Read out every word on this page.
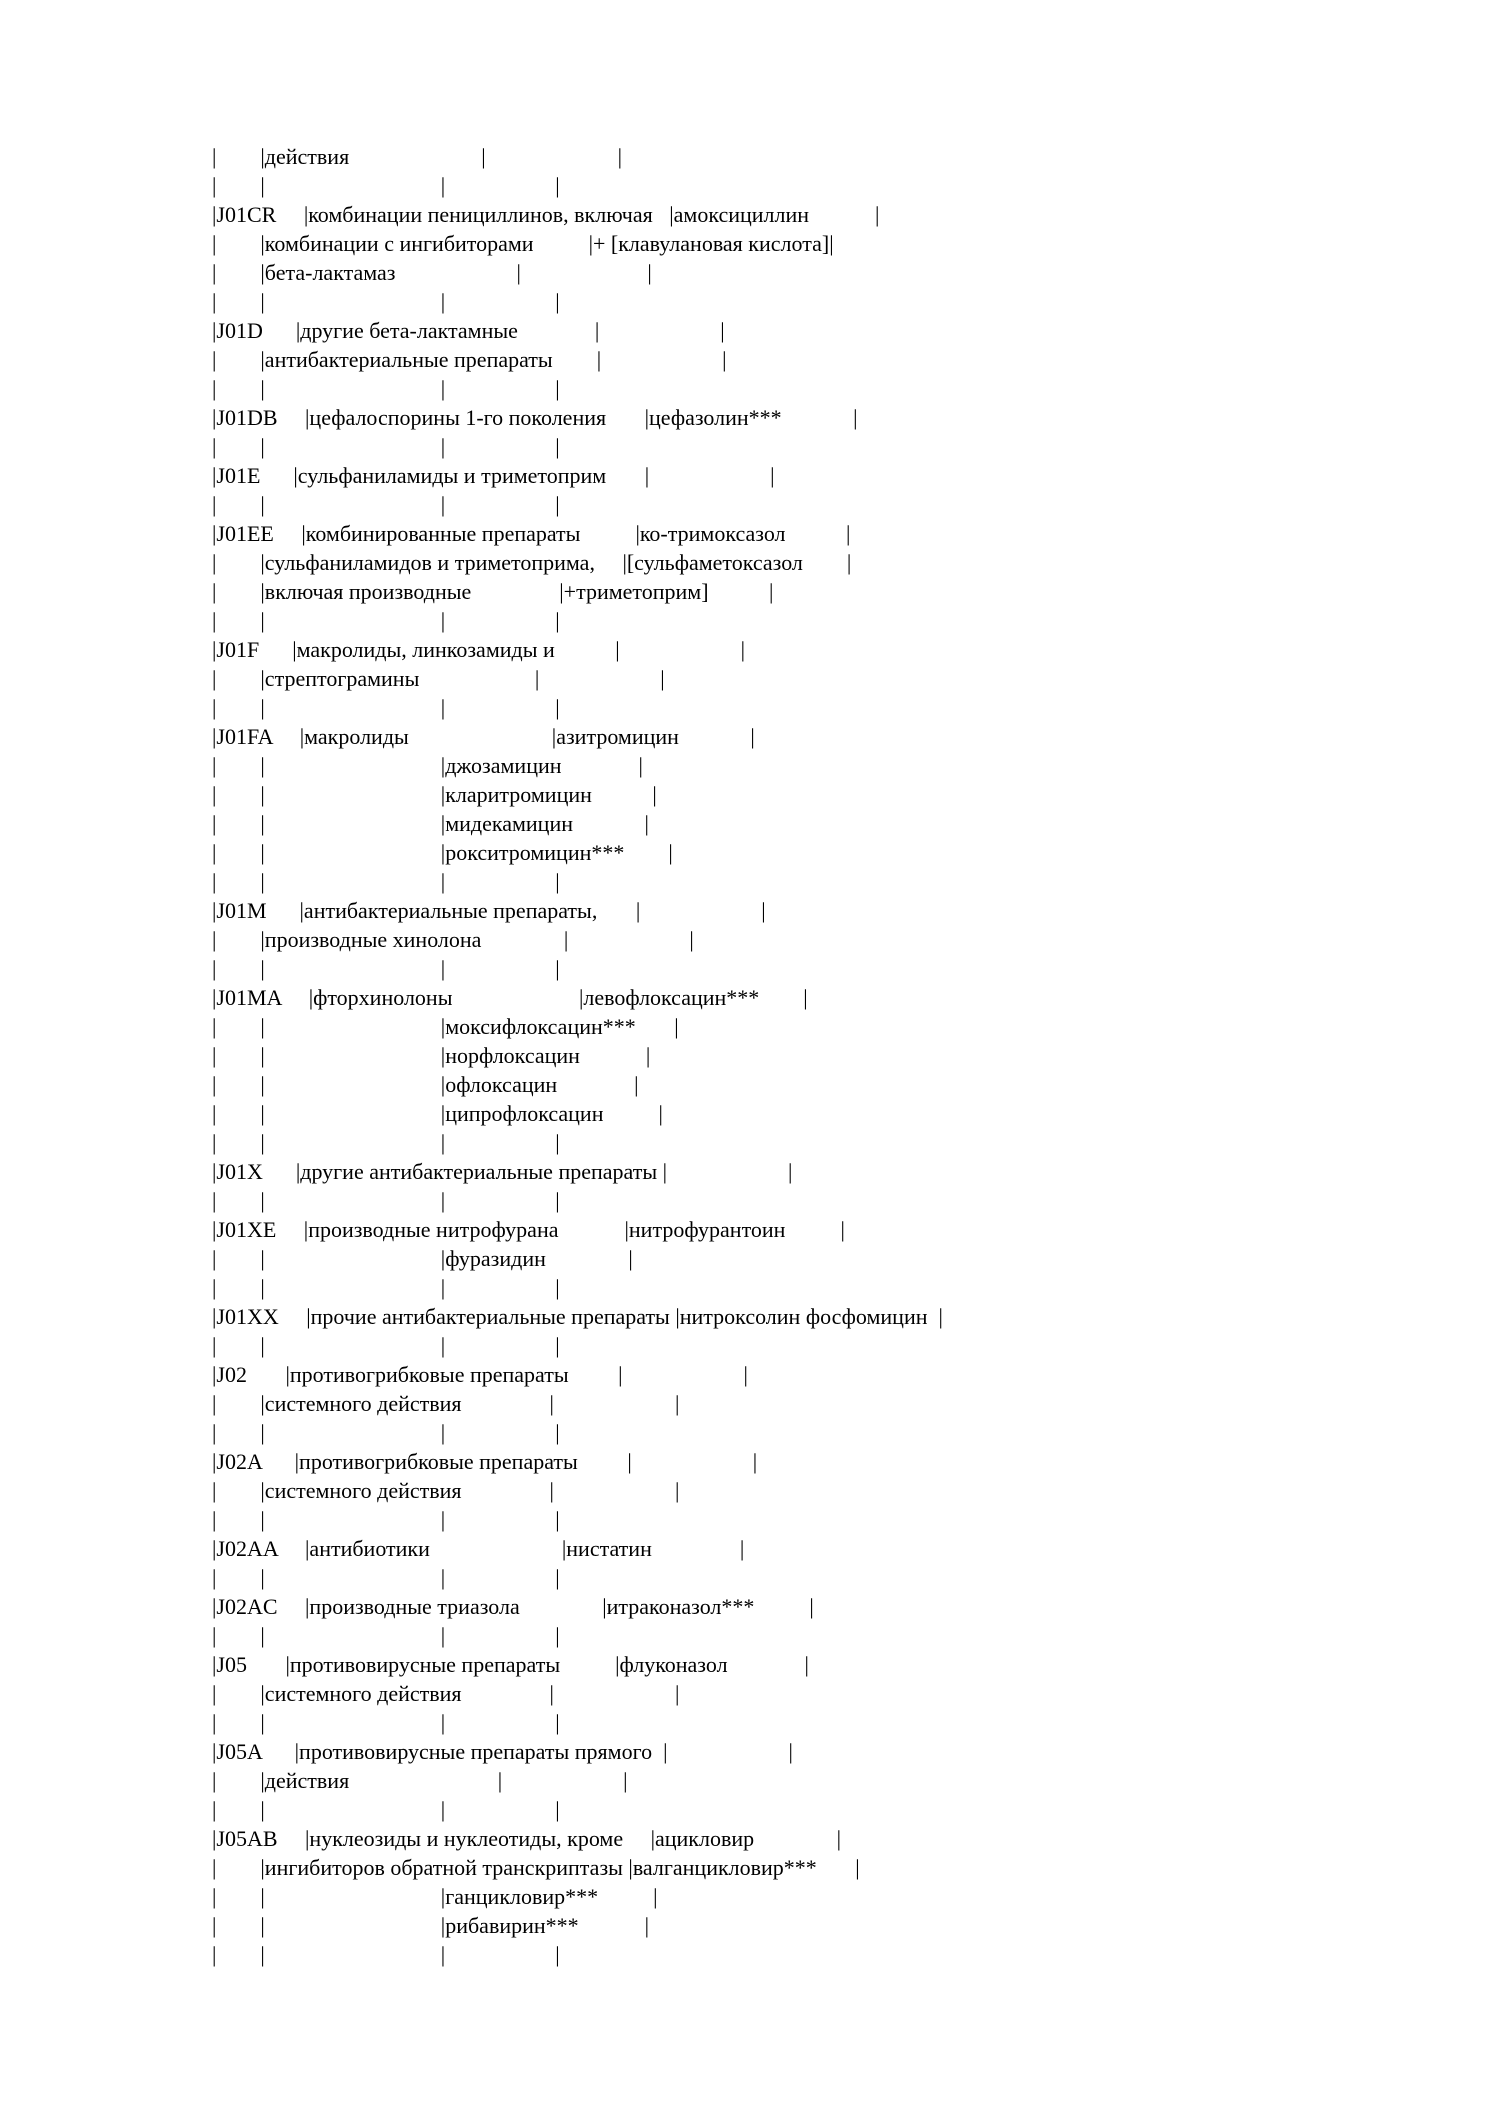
|        |действия                        |                        |
|        |                                |                    |
|J01CR     |комбинации пенициллинов, включая   |амоксициллин            |
|        |комбинации с ингибиторами          |+ [клавулановая кислота]|
|        |бета-лактамаз                      |                       |
|        |                                |                    |
|J01D      |другие бета-лактамные              |                      |
|        |антибактериальные препараты        |                      |
|        |                                |                    |
|J01DB     |цефалоспорины 1-го поколения       |цефазолин***             |
|        |                                |                    |
|J01E      |сульфаниламиды и триметоприм       |                      |
|        |                                |                    |
|J01EE     |комбинированные препараты          |ко-тримоксазол           |
|        |сульфаниламидов и триметоприма,     |[сульфаметоксазол        |
|        |включая производные                |+триметоприм]           |
|        |                                |                    |
|J01F      |макролиды, линкозамиды и           |                      |
|        |стрептограмины                     |                      |
|        |                                |                    |
|J01FA     |макролиды                          |азитромицин             |
|        |                                |джозамицин              |
|        |                                |кларитромицин           |
|        |                                |мидекамицин             |
|        |                                |рокситромицин***        |
|        |                                |                    |
|J01M      |антибактериальные препараты,       |                      |
|        |производные хинолона               |                      |
|        |                                |                    |
|J01MA     |фторхинолоны                       |левофлоксацин***        |
|        |                                |моксифлоксацин***       |
|        |                                |норфлоксацин            |
|        |                                |офлоксацин              |
|        |                                |ципрофлоксацин          |
|        |                                |                    |
|J01X      |другие антибактериальные препараты |                      |
|        |                                |                    |
|J01XE     |производные нитрофурана            |нитрофурантоин          |
|        |                                |фуразидин               |
|        |                                |                    |
|J01XX     |прочие антибактериальные препараты |нитроксолин фосфомицин  |
|        |                                |                    |
|J02       |противогрибковые препараты         |                      |
|        |системного действия                |                      |
|        |                                |                    |
|J02A      |противогрибковые препараты         |                      |
|        |системного действия                |                      |
|        |                                |                    |
|J02AA     |антибиотики                        |нистатин                |
|        |                                |                    |
|J02AC     |производные триазола               |итраконазол***          |
|        |                                |                    |
|J05       |противовирусные препараты          |флуконазол              |
|        |системного действия                |                      |
|        |                                |                    |
|J05A      |противовирусные препараты прямого  |                      |
|        |действия                           |                      |
|        |                                |                    |
|J05AB     |нуклеозиды и нуклеотиды, кроме     |ацикловир               |
|        |ингибиторов обратной транскриптазы |валганцикловир***       |
|        |                                |ганцикловир***          |
|        |                                |рибавирин***            |
|        |                                |                    |
